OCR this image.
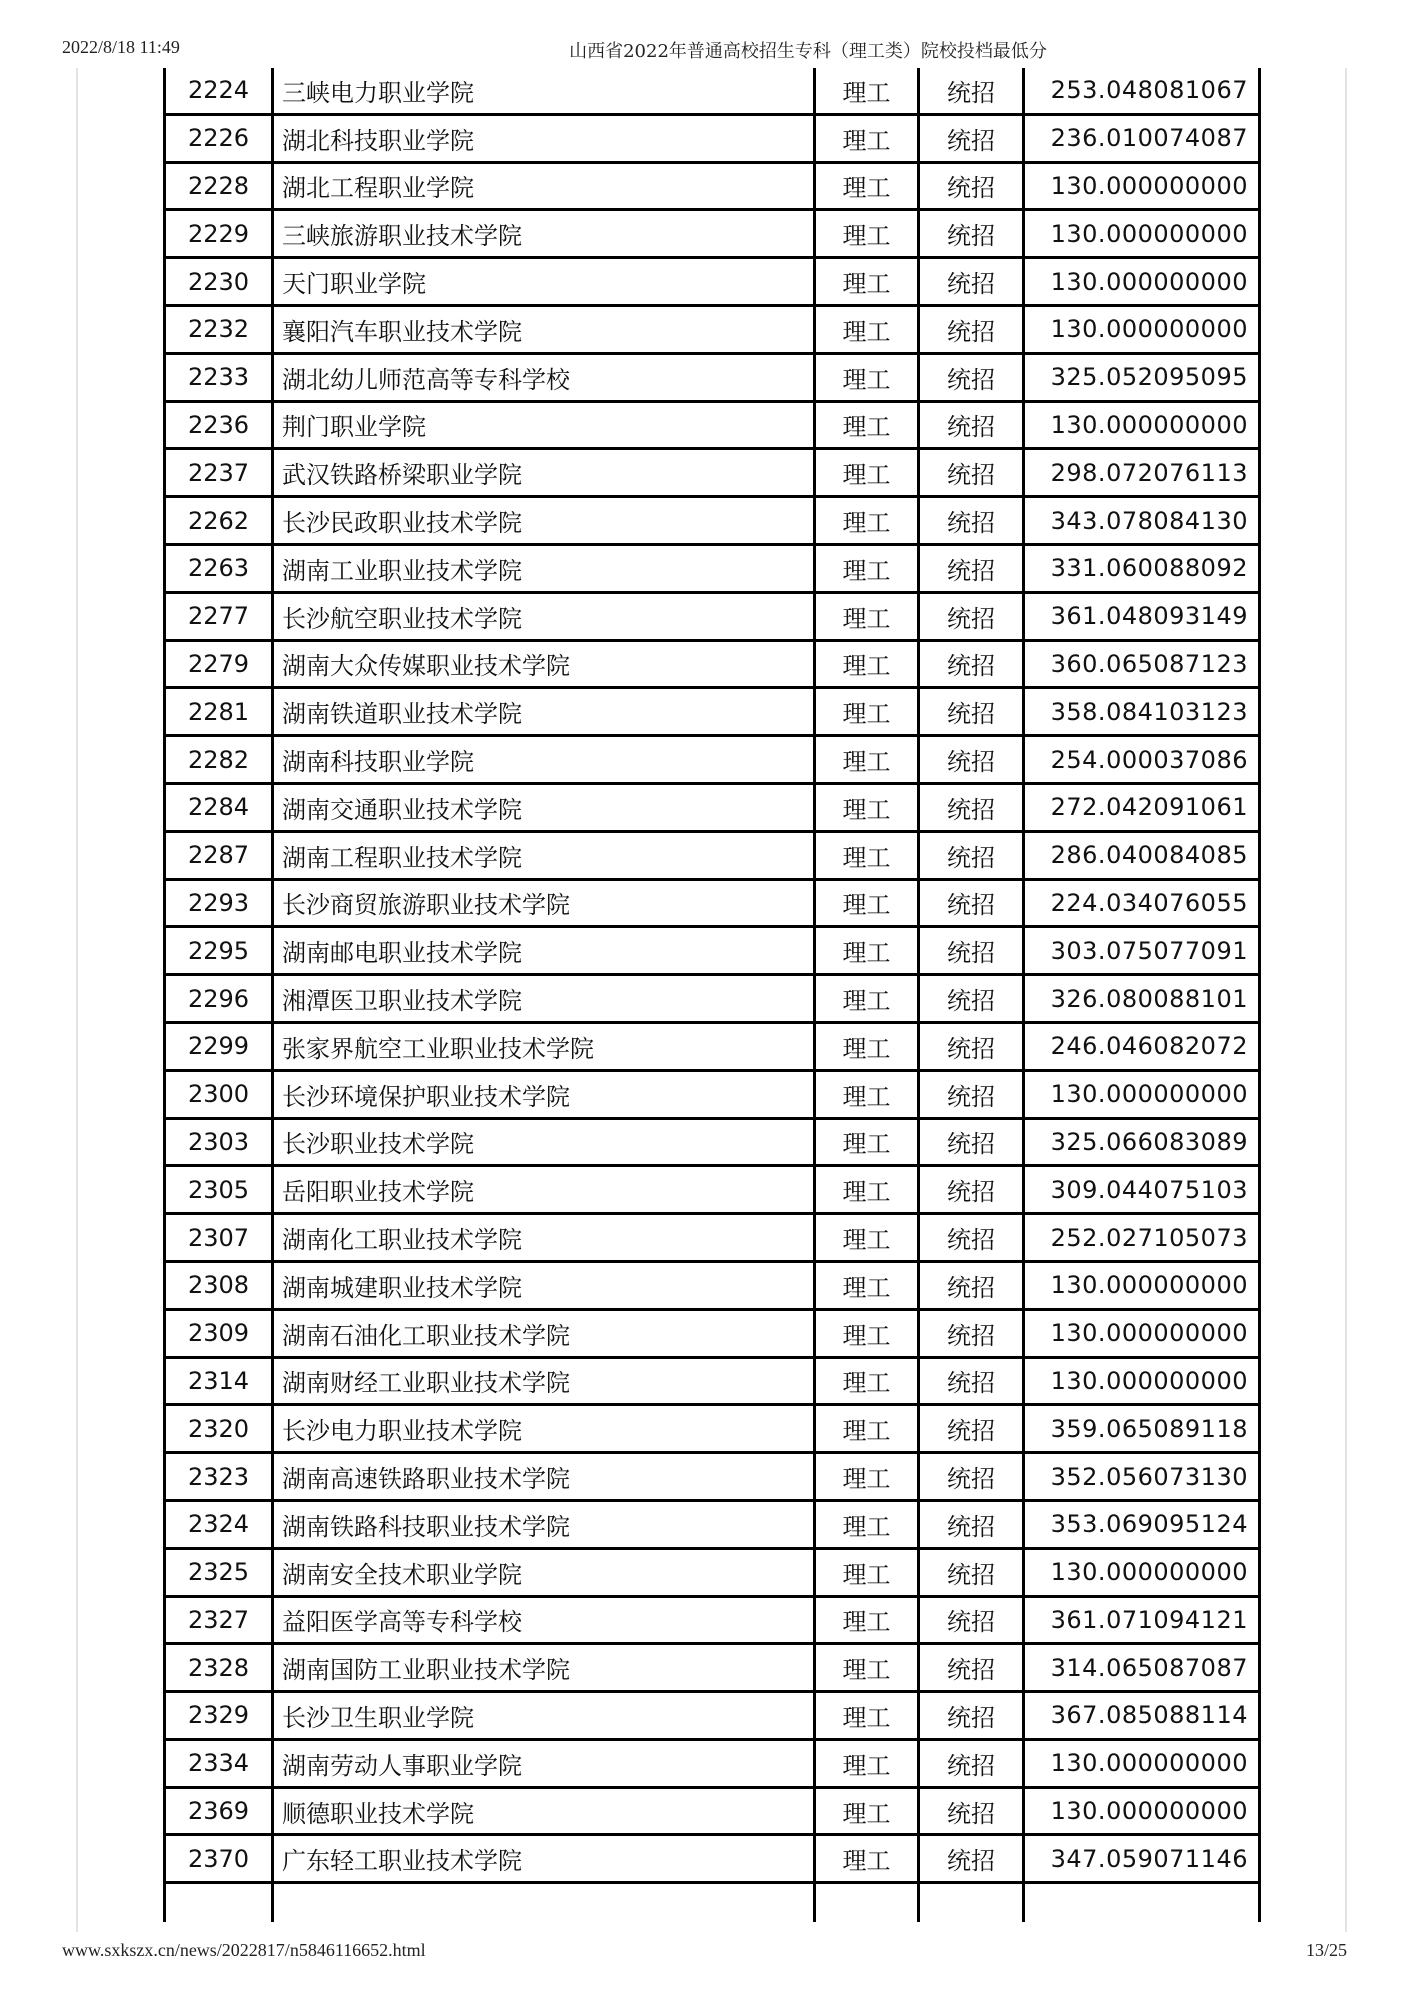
2022/8/18 11:49	山西省2022年普通高校招生专科（理工类）院校投档最低分
2224	三峡电力职业学院	理工	统招	253.048081067
2226	湖北科技职业学院	理工	统招	236.010074087
2228	湖北工程职业学院	理工	统招	130.000000000
2229	三峡旅游职业技术学院	理工	统招	130.000000000
2230	天门职业学院	理工	统招	130.000000000
2232	襄阳汽车职业技术学院	理工	统招	130.000000000
2233	湖北幼儿师范高等专科学校	理工	统招	325.052095095
2236	荆门职业学院	理工	统招	130.000000000
2237	武汉铁路桥梁职业学院	理工	统招	298.072076113
2262	长沙民政职业技术学院	理工	统招	343.078084130
2263	湖南工业职业技术学院	理工	统招	331.060088092
2277	长沙航空职业技术学院	理工	统招	361.048093149
2279	湖南大众传媒职业技术学院	理工	统招	360.065087123
2281	湖南铁道职业技术学院	理工	统招	358.084103123
2282	湖南科技职业学院	理工	统招	254.000037086
2284	湖南交通职业技术学院	理工	统招	272.042091061
2287	湖南工程职业技术学院	理工	统招	286.040084085
2293	长沙商贸旅游职业技术学院	理工	统招	224.034076055
2295	湖南邮电职业技术学院	理工	统招	303.075077091
2296	湘潭医卫职业技术学院	理工	统招	326.080088101
2299	张家界航空工业职业技术学院	理工	统招	246.046082072
2300	长沙环境保护职业技术学院	理工	统招	130.000000000
2303	长沙职业技术学院	理工	统招	325.066083089
2305	岳阳职业技术学院	理工	统招	309.044075103
2307	湖南化工职业技术学院	理工	统招	252.027105073
2308	湖南城建职业技术学院	理工	统招	130.000000000
2309	湖南石油化工职业技术学院	理工	统招	130.000000000
2314	湖南财经工业职业技术学院	理工	统招	130.000000000
2320	长沙电力职业技术学院	理工	统招	359.065089118
2323	湖南高速铁路职业技术学院	理工	统招	352.056073130
2324	湖南铁路科技职业技术学院	理工	统招	353.069095124
2325	湖南安全技术职业学院	理工	统招	130.000000000
2327	益阳医学高等专科学校	理工	统招	361.071094121
2328	湖南国防工业职业技术学院	理工	统招	314.065087087
2329	长沙卫生职业学院	理工	统招	367.085088114
2334	湖南劳动人事职业学院	理工	统招	130.000000000
2369	顺德职业技术学院	理工	统招	130.000000000
2370	广东轻工职业技术学院	理工	统招	347.059071146
www.sxkszx.cn/news/2022817/n5846116652.html	13/25
